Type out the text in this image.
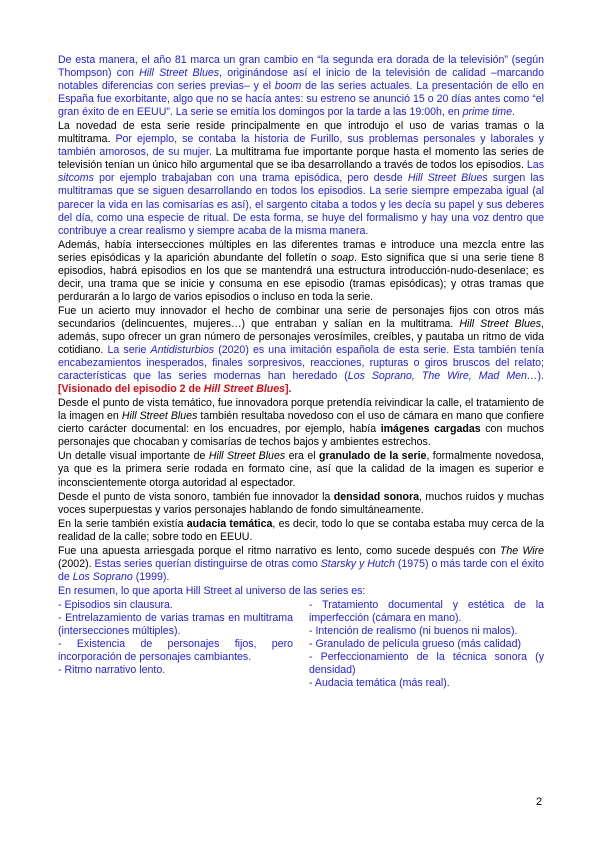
De esta manera, el año 81 marca un gran cambio en “la segunda era dorada de la televisión” (según Thompson) con Hill Street Blues, originándose así el inicio de la televisión de calidad –marcando notables diferencias con series previas– y el boom de las series actuales. La presentación de ello en España fue exorbitante, algo que no se hacía antes: su estreno se anunció 15 o 20 días antes como “el gran éxito de en EEUU”. La serie se emitía los domingos por la tarde a las 19:00h, en prime time.
La novedad de esta serie reside principalmente en que introdujo el uso de varias tramas o la multitrama. Por ejemplo, se contaba la historia de Furillo, sus problemas personales y laborales y también amorosos, de su mujer. La multitrama fue importante porque hasta el momento las series de televisión tenían un único hilo argumental que se iba desarrollando a través de todos los episodios. Las sitcoms por ejemplo trabajaban con una trama episódica, pero desde Hill Street Blues surgen las multitramas que se siguen desarrollando en todos los episodios. La serie siempre empezaba igual (al parecer la vida en las comisarías es así), el sargento citaba a todos y les decía su papel y sus deberes del día, como una especie de ritual. De esta forma, se huye del formalismo y hay una voz dentro que contribuye a crear realismo y siempre acaba de la misma manera.
Además, había intersecciones múltiples en las diferentes tramas e introduce una mezcla entre las series episódicas y la aparición abundante del folletín o soap. Esto significa que si una serie tiene 8 episodios, habrá episodios en los que se mantendrá una estructura introducción-nudo-desenlace; es decir, una trama que se inicie y consuma en ese episodio (tramas episódicas); y otras tramas que perdurarán a lo largo de varios episodios o incluso en toda la serie.
Fue un acierto muy innovador el hecho de combinar una serie de personajes fijos con otros más secundarios (delincuentes, mujeres…) que entraban y salían en la multitrama. Hill Street Blues, además, supo ofrecer un gran número de personajes verosímiles, creíbles, y pautaba un ritmo de vida cotidiano. La serie Antidisturbios (2020) es una imitación española de esta serie. Esta también tenía encabezamientos inesperados, finales sorpresivos, reacciones, rupturas o giros bruscos del relato; características que las series modernas han heredado (Los Soprano, The Wire, Mad Men…). [Visionado del episodio 2 de Hill Street Blues].
Desde el punto de vista temático, fue innovadora porque pretendía reivindicar la calle, el tratamiento de la imagen en Hill Street Blues también resultaba novedoso con el uso de cámara en mano que confiere cierto carácter documental: en los encuadres, por ejemplo, había imágenes cargadas con muchos personajes que chocaban y comisarías de techos bajos y ambientes estrechos.
Un detalle visual importante de Hill Street Blues era el granulado de la serie, formalmente novedosa, ya que es la primera serie rodada en formato cine, así que la calidad de la imagen es superior e inconscientemente otorga autoridad al espectador.
Desde el punto de vista sonoro, también fue innovador la densidad sonora, muchos ruidos y muchas voces superpuestas y varios personajes hablando de fondo simultáneamente.
En la serie también existía audacia temática, es decir, todo lo que se contaba estaba muy cerca de la realidad de la calle; sobre todo en EEUU.
Fue una apuesta arriesgada porque el ritmo narrativo es lento, como sucede después con The Wire (2002). Estas series querían distinguirse de otras como Starsky y Hutch (1975) o más tarde con el éxito de Los Soprano (1999).
En resumen, lo que aporta Hill Street al universo de las series es:
- Episodios sin clausura.
- Entrelazamiento de varias tramas en multitrama (intersecciones múltiples).
- Existencia de personajes fijos, pero incorporación de personajes cambiantes.
- Ritmo narrativo lento.
- Tratamiento documental y estética de la imperfección (cámara en mano).
- Intención de realismo (ni buenos ni malos).
- Granulado de película grueso (más calidad)
- Perfeccionamiento de la técnica sonora (y densidad)
- Audacia temática (más real).
2
